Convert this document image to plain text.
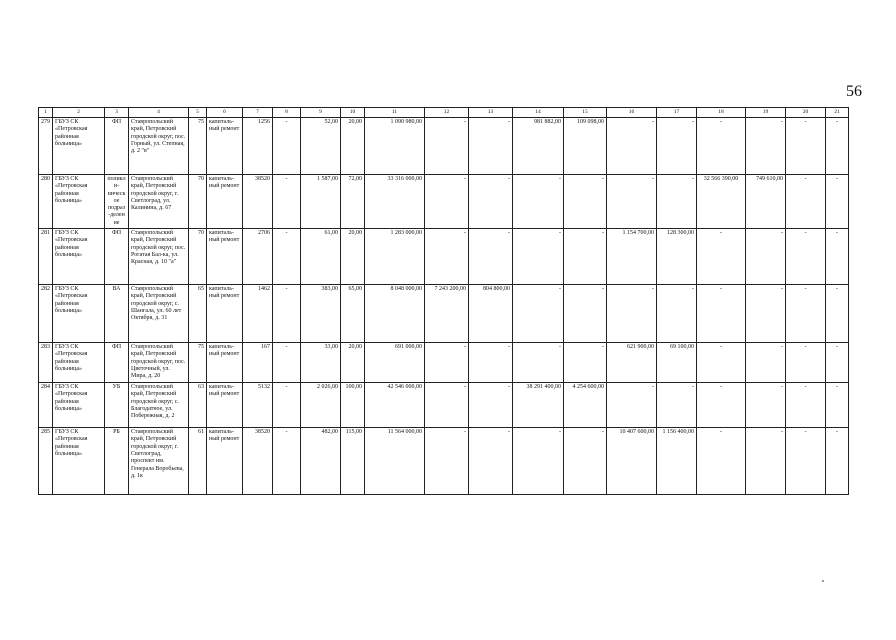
56
1	2	3	4	5	6	7	8	9	10	11	12	13	14	15	16	17	18	19	20	21
279	ГБУЗ СК «Петровская районная больница»	ФП	Ставропольский край, Петровский городской округ, пос. Горный, ул. Степная, д. 2 "в"	75	капиталь-ный ремонт	1256	-	52,00	20,00	1 090 980,00	-	-	981 882,00	109 098,00	-	-	-	-	-	-
280	ГБУЗ СК «Петровская районная больница»	поликли-ническое подраз-деление	Ставропольский край, Петровский городской округ, г. Светлоград, ул. Калинина, д. 67	70	капиталь-ный ремонт	38520	-	1 587,00	72,00	33 316 000,00	-	-	-	-	-	-	32 566 390,00	749 610,00	-	-
281	ГБУЗ СК «Петровская районная больница»	ФП	Ставропольский край, Петровский городской округ, пос. Рогатая Бал-ка, ул. Красная, д. 10 "а"	70	капиталь-ный ремонт	2706	-	61,00	20,00	1 283 000,00	-	-	-	-	1 154 700,00	128 300,00	-	-	-	-
282	ГБУЗ СК «Петровская районная больница»	ВА	Ставропольский край, Петровский городской округ, с. Шангала, ул. 60 лет Октября, д. 31	65	капиталь-ный ремонт	1462	-	383,00	65,00	8 048 000,00	7 243 200,00	804 800,00	-	-	-	-	-	-	-	-
283	ГБУЗ СК «Петровская районная больница»	ФП	Ставропольский край, Петровский городской округ, пос. Цветочный, ул. Мира, д. 20	75	капиталь-ный ремонт	167	-	33,00	20,00	691 000,00	-	-	-	-	621 900,00	69 100,00	-	-	-	-
284	ГБУЗ СК «Петровская районная больница»	УБ	Ставропольский край, Петровский городской округ, с. Благодатное, ул. Побережная, д. 2	63	капиталь-ный ремонт	5132	-	2 026,00	100,00	42 546 000,00	-	-	38 291 400,00	4 254 600,00	-	-	-	-	-	-
285	ГБУЗ СК «Петровская районная больница»	РБ	Ставропольский край, Петровский городской округ, г. Светлоград, проспект им. Генерала Воробьева, д. 1к	61	капиталь-ный ремонт	38520	-	482,00	115,00	11 564 000,00	-	-	-	-	10 407 600,00	1 156 400,00	-	-	-	-
